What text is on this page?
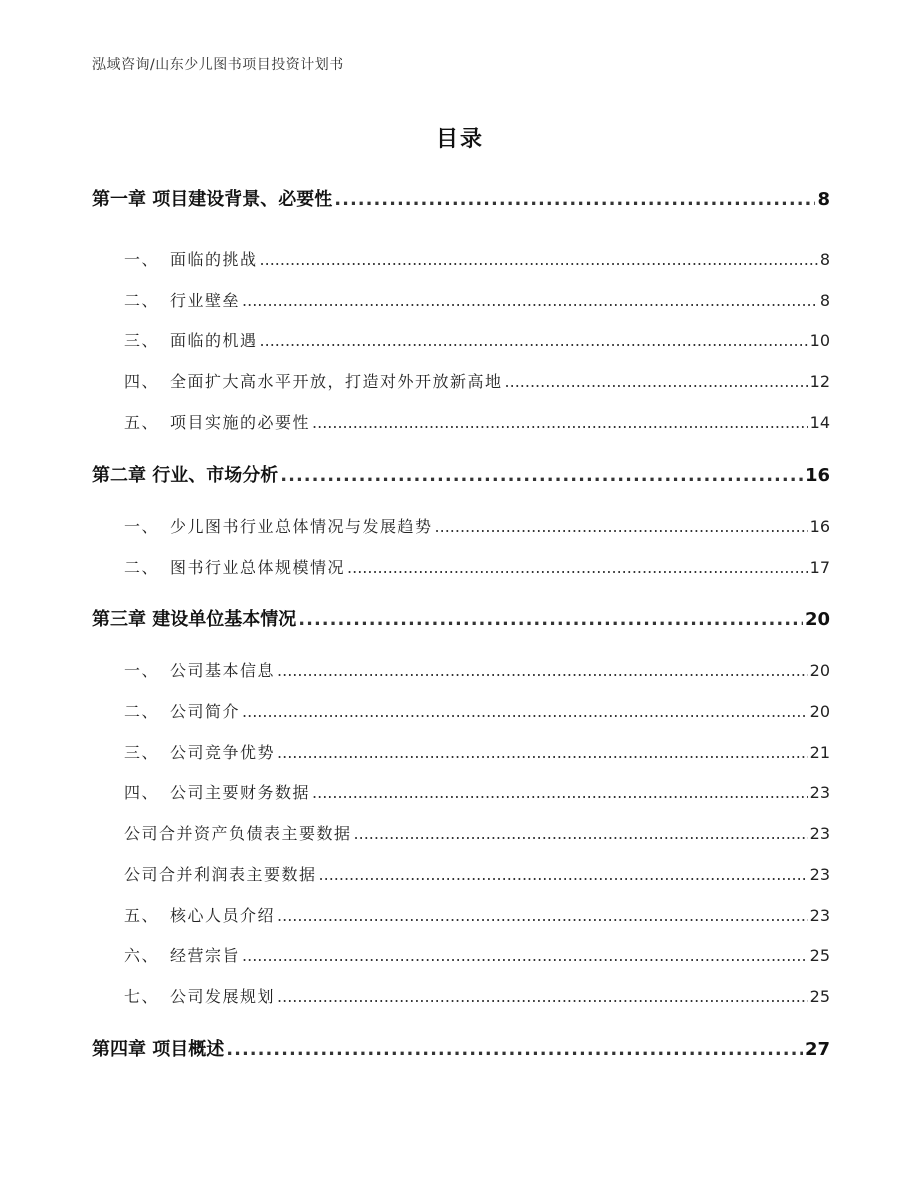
泓域咨询/山东少儿图书项目投资计划书
目录
第一章 项目建设背景、必要性 .....	8
一、 面临的挑战 .....	8
二、 行业壁垒 .....	8
三、 面临的机遇 .....	10
四、 全面扩大高水平开放，打造对外开放新高地 .....	12
五、 项目实施的必要性 .....	14
第二章 行业、市场分析 .....	16
一、 少儿图书行业总体情况与发展趋势 .....	16
二、 图书行业总体规模情况 .....	17
第三章 建设单位基本情况 .....	20
一、 公司基本信息 .....	20
二、 公司简介 .....	20
三、 公司竞争优势 .....	21
四、 公司主要财务数据 .....	23
公司合并资产负债表主要数据 .....	23
公司合并利润表主要数据 .....	23
五、 核心人员介绍 .....	23
六、 经营宗旨 .....	25
七、 公司发展规划 .....	25
第四章 项目概述 .....	27
